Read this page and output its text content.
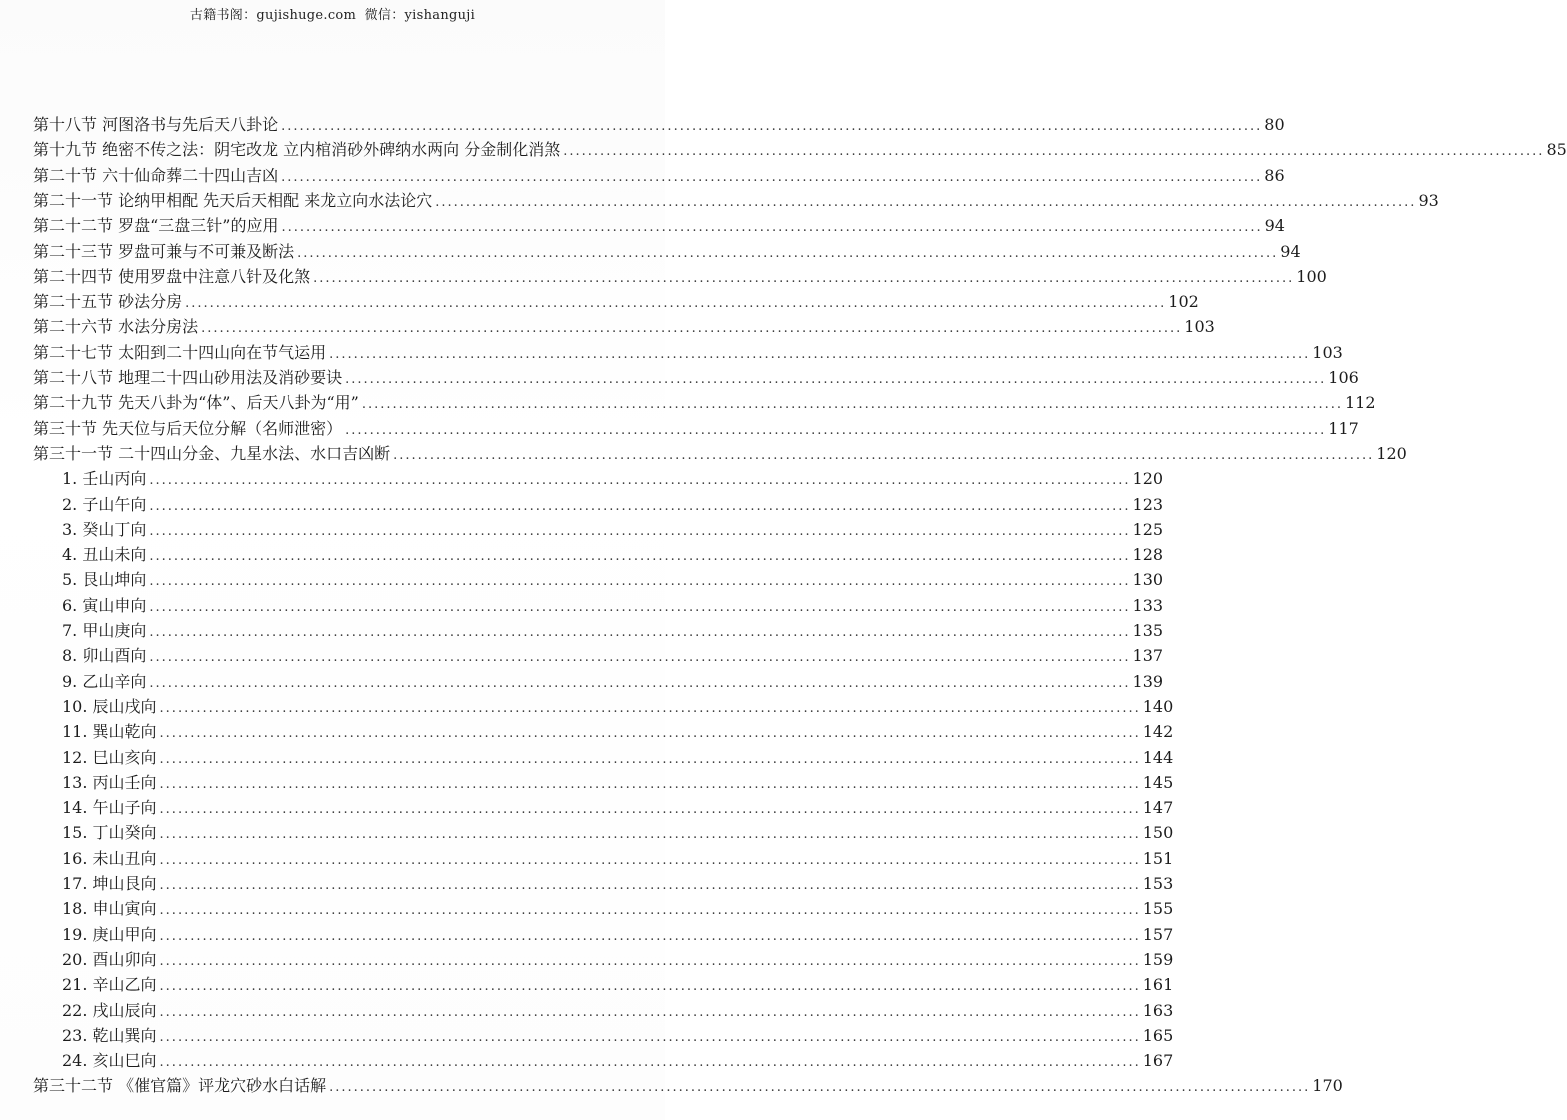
古籍书阁：gujishuge.com 微信：yishanguji
第十八节 河图洛书与先后天八卦论 ................................................................................................................................................................ 80
第十九节 绝密不传之法：阴宅改龙 立内棺消砂外碑纳水两向 分金制化消煞 ................................................................................................................................................................ 85
第二十节 六十仙命葬二十四山吉凶 ................................................................................................................................................................ 86
第二十一节 论纳甲相配 先天后天相配 来龙立向水法论穴 ................................................................................................................................................................ 93
第二十二节 罗盘“三盘三针”的应用 ................................................................................................................................................................ 94
第二十三节 罗盘可兼与不可兼及断法 ................................................................................................................................................................ 94
第二十四节 使用罗盘中注意八针及化煞 ................................................................................................................................................................ 100
第二十五节 砂法分房 ................................................................................................................................................................ 102
第二十六节 水法分房法 ................................................................................................................................................................ 103
第二十七节 太阳到二十四山向在节气运用 ................................................................................................................................................................ 103
第二十八节 地理二十四山砂用法及消砂要诀 ................................................................................................................................................................ 106
第二十九节 先天八卦为“体”、后天八卦为“用” ................................................................................................................................................................ 112
第三十节 先天位与后天位分解（名师泄密） ................................................................................................................................................................ 117
第三十一节 二十四山分金、九星水法、水口吉凶断 ................................................................................................................................................................ 120
1. 壬山丙向 ................................................................................................................................................................ 120
2. 子山午向 ................................................................................................................................................................ 123
3. 癸山丁向 ................................................................................................................................................................ 125
4. 丑山未向 ................................................................................................................................................................ 128
5. 艮山坤向 ................................................................................................................................................................ 130
6. 寅山申向 ................................................................................................................................................................ 133
7. 甲山庚向 ................................................................................................................................................................ 135
8. 卯山酉向 ................................................................................................................................................................ 137
9. 乙山辛向 ................................................................................................................................................................ 139
10. 辰山戌向 ................................................................................................................................................................ 140
11. 巽山乾向 ................................................................................................................................................................ 142
12. 巳山亥向 ................................................................................................................................................................ 144
13. 丙山壬向 ................................................................................................................................................................ 145
14. 午山子向 ................................................................................................................................................................ 147
15. 丁山癸向 ................................................................................................................................................................ 150
16. 未山丑向 ................................................................................................................................................................ 151
17. 坤山艮向 ................................................................................................................................................................ 153
18. 申山寅向 ................................................................................................................................................................ 155
19. 庚山甲向 ................................................................................................................................................................ 157
20. 酉山卯向 ................................................................................................................................................................ 159
21. 辛山乙向 ................................................................................................................................................................ 161
22. 戌山辰向 ................................................................................................................................................................ 163
23. 乾山巽向 ................................................................................................................................................................ 165
24. 亥山巳向 ................................................................................................................................................................ 167
第三十二节 《催官篇》评龙穴砂水白话解 ................................................................................................................................................................ 170
